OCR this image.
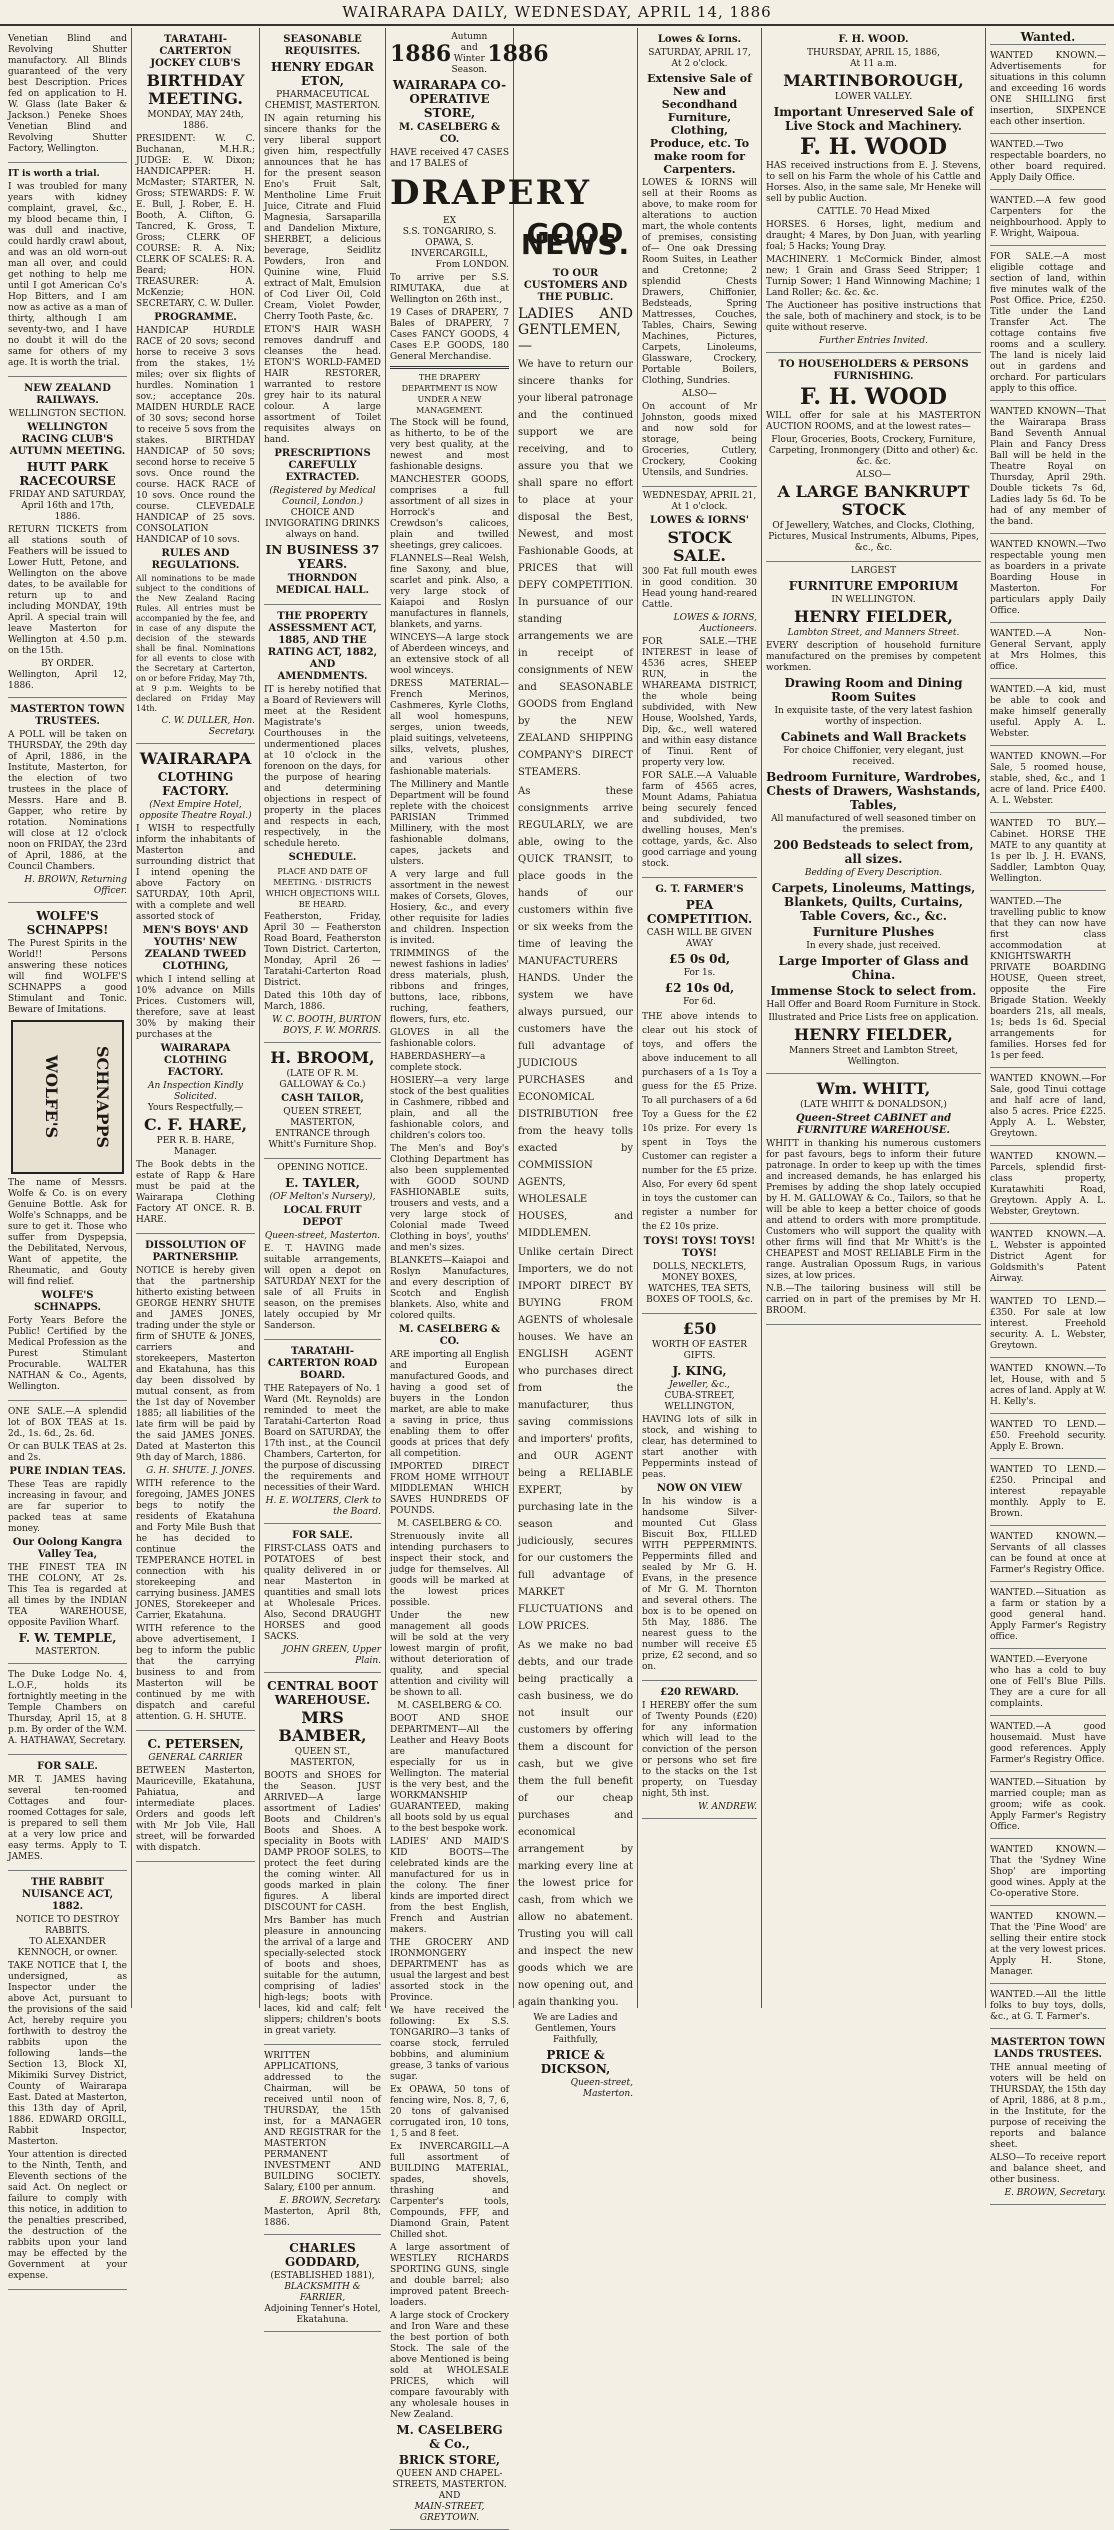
WAIRARAPA DAILY, WEDNESDAY, APRIL 14, 1886

Venetian Blind and Revolving Shutter manufactory. All Blinds guaranteed of the very best Description. Prices fed on application to H. W. Glass (late Baker & Jackson.) Peneke Shoes Venetian Blind and Revolving Shutter Factory, Wellington.

IT is worth a trial.

I was troubled for many years with kidney complaint, gravel, &c., my blood became thin, I was dull and inactive, could hardly crawl about, and was an old worn-out man all over, and could get nothing to help me until I got American Co's Hop Bitters, and I am now as active as a man of thirty, although I am seventy-two, and I have no doubt it will do the same for others of my age. It is worth the trial.

NEW ZEALAND RAILWAYS.
WELLINGTON SECTION.
WELLINGTON RACING CLUB'S AUTUMN MEETING.
HUTT PARK RACECOURSE
FRIDAY AND SATURDAY,
April 16th and 17th, 1886.

RETURN TICKETS from all stations south of Feathers will be issued to Lower Hutt, Petone, and Wellington on the above dates, to be available for return up to and including MONDAY, 19th April. A special train will leave Masterton for Wellington at 4.50 p.m. on the 15th.

BY ORDER.
Wellington, April 12, 1886.
MASTERTON TOWN TRUSTEES.

A POLL will be taken on THURSDAY, the 29th day of April, 1886, in the Institute, Masterton, for the election of two trustees in the place of Messrs. Hare and B. Gapper, who retire by rotation. Nominations will close at 12 o'clock noon on FRIDAY, the 23rd of April, 1886, at the Council Chambers.

H. BROWN, Returning Officer.
WOLFE'S SCHNAPPS!

The Purest Spirits in the World!! Persons answering these notices will find WOLFE'S SCHNAPPS a good Stimulant and Tonic. Beware of Imitations.

WOLFE'S	SCHNAPPS

The name of Messrs. Wolfe & Co. is on every Genuine Bottle. Ask for Wolfe's Schnapps, and be sure to get it. Those who suffer from Dyspepsia, the Debilitated, Nervous, Want of appetite, the Rheumatic, and Gouty will find relief.

WOLFE'S SCHNAPPS.

Forty Years Before the Public! Certified by the Medical Profession as the Purest Stimulant Procurable. WALTER NATHAN & Co., Agents, Wellington.

ONE SALE.—A splendid lot of BOX TEAS at 1s. 2d., 1s. 6d., 2s. 6d.

Or can BULK TEAS at 2s. and 2s.

PURE INDIAN TEAS.

These Teas are rapidly increasing in favour, and are far superior to packed teas at same money.

Our Oolong Kangra Valley Tea,

THE FINEST TEA IN THE COLONY, AT 2s. This Tea is regarded at all times by the INDIAN TEA WAREHOUSE, opposite Pavilion Wharf.

F. W. TEMPLE,
MASTERTON.

The Duke Lodge No. 4, L.O.F., holds its fortnightly meeting in the Temple Chambers on Thursday, April 15, at 8 p.m. By order of the W.M. A. HATHAWAY, Secretary.

FOR SALE.

MR T. JAMES having several ten-roomed Cottages and four-roomed Cottages for sale, is prepared to sell them at a very low price and easy terms. Apply to T. JAMES.

THE RABBIT NUISANCE ACT, 1882.
NOTICE TO DESTROY RABBITS.
TO ALEXANDER KENNOCH, or owner.

TAKE NOTICE that I, the undersigned, as Inspector under the above Act, pursuant to the provisions of the said Act, hereby require you forthwith to destroy the rabbits upon the following lands—the Section 13, Block XI, Mikimiki Survey District, County of Wairarapa East. Dated at Masterton, this 13th day of April, 1886. EDWARD ORGILL, Rabbit Inspector, Masterton.

Your attention is directed to the Ninth, Tenth, and Eleventh sections of the said Act. On neglect or failure to comply with this notice, in addition to the penalties prescribed, the destruction of the rabbits upon your land may be effected by the Government at your expense.

TARATAHI-CARTERTON JOCKEY CLUB'S
BIRTHDAY MEETING.
MONDAY, MAY 24th, 1886.

PRESIDENT: W. C. Buchanan, M.H.R.; JUDGE: E. W. Dixon; HANDICAPPER: H. McMaster; STARTER, N. Gross; STEWARDS: F. W. E. Bull, J. Rober, E. H. Booth, A. Clifton, G. Tancred, K. Gross, T. Gross; CLERK OF COURSE: R. A. Nix; CLERK OF SCALES: R. A. Beard; HON. TREASURER: A. McKenzie; HON. SECRETARY, C. W. Duller.

PROGRAMME.

HANDICAP HURDLE RACE of 20 sovs; second horse to receive 3 sovs from the stakes, 1½ miles; over six flights of hurdles. Nomination 1 sov.; acceptance 20s. MAIDEN HURDLE RACE of 30 sovs; second horse to receive 5 sovs from the stakes. BIRTHDAY HANDICAP of 50 sovs; second horse to receive 5 sovs. Once round the course. HACK RACE of 10 sovs. Once round the course. CLEVEDALE HANDICAP of 25 sovs. CONSOLATION HANDICAP of 10 sovs.

RULES AND REGULATIONS.

All nominations to be made subject to the conditions of the New Zealand Racing Rules. All entries must be accompanied by the fee, and in case of any dispute the decision of the stewards shall be final. Nominations for all events to close with the Secretary at Carterton, on or before Friday, May 7th, at 9 p.m. Weights to be declared on Friday May 14th.

C. W. DULLER, Hon. Secretary.
WAIRARAPA
CLOTHING FACTORY.
(Next Empire Hotel, opposite Theatre Royal.)

I WISH to respectfully inform the inhabitants of Masterton and surrounding district that I intend opening the above Factory on SATURDAY, 10th April, with a complete and well assorted stock of

MEN'S BOYS' AND YOUTHS' NEW ZEALAND TWEED CLOTHING,

which I intend selling at 10% advance on Mills Prices. Customers will, therefore, save at least 30% by making their purchases at the

WAIRARAPA CLOTHING FACTORY.
An Inspection Kindly Solicited.
Yours Respectfully,—
C. F. HARE,
PER R. B. HARE, Manager.

The Book debts in the estate of Rapp & Hare must be paid at the Wairarapa Clothing Factory AT ONCE. R. B. HARE.

DISSOLUTION OF PARTNERSHIP.

NOTICE is hereby given that the partnership hitherto existing between GEORGE HENRY SHUTE and JAMES JONES, trading under the style or firm of SHUTE & JONES, carriers and storekeepers, Masterton and Ekatahuna, has this day been dissolved by mutual consent, as from the 1st day of November 1885; all liabilities of the late firm will be paid by the said JAMES JONES. Dated at Masterton this 9th day of March, 1886.

G. H. SHUTE. J. JONES.

WITH reference to the foregoing, JAMES JONES begs to notify the residents of Ekatahuna and Forty Mile Bush that he has decided to continue the TEMPERANCE HOTEL in connection with his storekeeping and carrying business. JAMES JONES, Storekeeper and Carrier, Ekatahuna.

WITH reference to the above advertisement, I beg to inform the public that the carrying business to and from Masterton will be continued by me with dispatch and careful attention. G. H. SHUTE.

C. PETERSEN,
GENERAL CARRIER

BETWEEN Masterton, Mauriceville, Ekatahuna, Pahiatua, and intermediate places. Orders and goods left with Mr Job Vile, Hall street, will be forwarded with dispatch.

SEASONABLE REQUISITES.
HENRY EDGAR ETON,
PHARMACEUTICAL CHEMIST, MASTERTON.

IN again returning his sincere thanks for the very liberal support given him, respectfully announces that he has for the present season Eno's Fruit Salt, Mentholine Lime Fruit Juice, Citrate and Fluid Magnesia, Sarsaparilla and Dandelion Mixture, SHERBET, a delicious beverage, Seidlitz Powders, Iron and Quinine wine, Fluid extract of Malt, Emulsion of Cod Liver Oil, Cold Cream, Violet Powder, Cherry Tooth Paste, &c.

ETON'S HAIR WASH removes dandruff and cleanses the head. ETON'S WORLD-FAMED HAIR RESTORER, warranted to restore grey hair to its natural colour. A large assortment of Toilet requisites always on hand.

PRESCRIPTIONS CAREFULLY EXTRACTED.
(Registered by Medical Council, London.)
CHOICE AND INVIGORATING DRINKS always on hand.
IN BUSINESS 37 YEARS.
THORNDON MEDICAL HALL.
THE PROPERTY ASSESSMENT ACT, 1885, AND THE RATING ACT, 1882, AND AMENDMENTS.

IT is hereby notified that a Board of Reviewers will meet at the Resident Magistrate's Courthouses in the undermentioned places at 10 o'clock in the forenoon on the days, for the purpose of hearing and determining objections in respect of property in the places and respects in each, respectively, in the schedule hereto.

SCHEDULE.
PLACE AND DATE OF MEETING. · DISTRICTS WHICH OBJECTIONS WILL BE HEARD.

Featherston, Friday, April 30 — Featherston Road Board, Featherston Town District. Carterton, Monday, April 26 — Taratahi-Carterton Road District.

Dated this 10th day of March, 1886.

W. C. BOOTH, BURTON BOYS, F. W. MORRIS.
H. BROOM,
(LATE OF R. M. GALLOWAY & Co.)
CASH TAILOR,

QUEEN STREET, MASTERTON, ENTRANCE through Whitt's Furniture Shop.

OPENING NOTICE.
E. TAYLER,
(OF Melton's Nursery),
LOCAL FRUIT DEPOT
Queen-street, Masterton.

E. T. HAVING made suitable arrangements, will open a depot on SATURDAY NEXT for the sale of all Fruits in season, on the premises lately occupied by Mr Sanderson.

TARATAHI-CARTERTON ROAD BOARD.

THE Ratepayers of No. 1 Ward (Mt. Reynolds) are reminded to meet the Taratahi-Carterton Road Board on SATURDAY, the 17th inst., at the Council Chambers, Carterton, for the purpose of discussing the requirements and necessities of their Ward.

H. E. WOLTERS, Clerk to the Board.
FOR SALE.

FIRST-CLASS OATS and POTATOES of best quality delivered in or near Masterton in quantities and small lots at Wholesale Prices. Also, Second DRAUGHT HORSES and good SACKS.

JOHN GREEN, Upper Plain.
CENTRAL BOOT WAREHOUSE.
MRS BAMBER,
QUEEN ST., MASTERTON,

BOOTS and SHOES for the Season. JUST ARRIVED—A large assortment of Ladies' Boots and Children's Boots and Shoes. A speciality in Boots with DAMP PROOF SOLES, to protect the feet during the coming winter. All goods marked in plain figures. A liberal DISCOUNT for CASH.

Mrs Bamber has much pleasure in announcing the arrival of a large and specially-selected stock of boots and shoes, suitable for the autumn, comprising of ladies' high-legs; boots with laces, kid and calf; felt slippers; children's boots in great variety.

WRITTEN APPLICATIONS, addressed to the Chairman, will be received until noon of THURSDAY, the 15th inst, for a MANAGER AND REGISTRAR for the MASTERTON PERMANENT INVESTMENT AND BUILDING SOCIETY. Salary, £100 per annum.

E. BROWN, Secretary.
Masterton, April 8th, 1886.
CHARLES GODDARD,
(ESTABLISHED 1881),
BLACKSMITH & FARRIER,
Adjoining Tenner's Hotel, Ekatahuna.
1886
Autumn and Winter Season.
1886
WAIRARAPA CO-OPERATIVE STORE,
M. CASELBERG & CO.

HAVE received 47 CASES and 17 BALES of

DRAPERY
EX
S.S. TONGARIRO, S. OPAWA, S. INVERCARGILL,
From LONDON.

To arrive per S.S. RIMUTAKA, due at Wellington on 26th inst.,

19 Cases of DRAPERY, 7 Bales of DRAPERY, 7 Cases FANCY GOODS, 4 Cases E.P. GOODS, 180 General Merchandise.

THE DRAPERY DEPARTMENT IS NOW UNDER A NEW MANAGEMENT.

The Stock will be found, as hitherto, to be of the very best quality, at the newest and most fashionable designs.

MANCHESTER GOODS, comprises a full assortment of all sizes in Horrock's and Crewdson's calicoes, plain and twilled sheetings, grey calicoes.

FLANNELS—Real Welsh, fine Saxony, and blue, scarlet and pink. Also, a very large stock of Kaiapoi and Roslyn manufactures in flannels, blankets, and yarns.

WINCEYS—A large stock of Aberdeen winceys, and an extensive stock of all wool winceys.

DRESS MATERIAL—French Merinos, Cashmeres, Kyrle Cloths, all wool homespuns, serges, union tweeds, plaid suitings, velveteens, silks, velvets, plushes, and various other fashionable materials.

The Millinery and Mantle Department will be found replete with the choicest PARISIAN Trimmed Millinery, with the most fashionable dolmans, capes, jackets and ulsters.

A very large and full assortment in the newest makes of Corsets, Gloves, Hosiery, &c., and every other requisite for ladies and children. Inspection is invited.

TRIMMINGS of the newest fashions in ladies' dress materials, plush, ribbons and fringes, buttons, lace, ribbons, ruching, feathers, flowers, furs, etc.

GLOVES in all the fashionable colors.

HABERDASHERY—a complete stock.

HOSIERY—a very large stock of the best qualities in Cashmere, ribbed and plain, and all the fashionable colors, and children's colors too.

The Men's and Boy's Clothing Department has also been supplemented with GOOD SOUND FASHIONABLE suits, trousers and vests, and a very large stock of Colonial made Tweed Clothing in boys', youths' and men's sizes.

BLANKETS—Kaiapoi and Roslyn Manufactures, and every description of Scotch and English blankets. Also, white and colored quilts.

M. CASELBERG & CO.

ARE importing all English and European manufactured Goods, and having a good set of buyers in the London market, are able to make a saving in price, thus enabling them to offer goods at prices that defy all competition.

IMPORTED DIRECT FROM HOME WITHOUT MIDDLEMAN WHICH SAVES HUNDREDS OF POUNDS.

M. CASELBERG & CO.

Strenuously invite all intending purchasers to inspect their stock, and judge for themselves. All goods will be marked at the lowest prices possible.

Under the new management all goods will be sold at the very lowest margin of profit, without deterioration of quality, and special attention and civility will be shown to all.

M. CASELBERG & CO.

BOOT AND SHOE DEPARTMENT—All the Leather and Heavy Boots are manufactured especially for us in Wellington. The material is the very best, and the WORKMANSHIP GUARANTEED, making all boots sold by us equal to the best bespoke work.

LADIES' AND MAID'S KID BOOTS—The celebrated kinds are the manufactured for us in the colony. The finer kinds are imported direct from the best English, French and Austrian makers.

THE GROCERY AND IRONMONGERY DEPARTMENT has as usual the largest and best assorted stock in the Province.

We have received the following: Ex S.S. TONGARIRO—3 tanks of coarse stock, ferruled bobbins, and aluminium grease, 3 tanks of various sugar.

Ex OPAWA, 50 tons of fencing wire, Nos. 8, 7, 6, 20 tons of galvanised corrugated iron, 10 tons, 1, 5 and 8 feet.

Ex INVERCARGILL—A full assortment of BUILDING MATERIAL, spades, shovels, thrashing and Carpenter's tools, Compounds, FFF, and Diamond Grain, Patent Chilled shot.

A large assortment of WESTLEY RICHARDS SPORTING GUNS, single and double barrel; also improved patent Breech-loaders.

A large stock of Crockery and Iron Ware and these the best portion of both Stock. The sale of the above Mentioned is being sold at WHOLESALE PRICES, which will compare favourably with any wholesale houses in New Zealand.

M. CASELBERG & Co.,
BRICK STORE,
QUEEN AND CHAPEL-STREETS, MASTERTON.
AND
MAIN-STREET, GREYTOWN.
GOOD NEWS.
TO OUR CUSTOMERS AND THE PUBLIC.

LADIES AND GENTLEMEN,—

We have to return our sincere thanks for your liberal patronage and the continued support we are receiving, and to assure you that we shall spare no effort to place at your disposal the Best, Newest, and most Fashionable Goods, at PRICES that will DEFY COMPETITION. In pursuance of our standing arrangements we are in receipt of consignments of NEW and SEASONABLE GOODS from England by the NEW ZEALAND SHIPPING COMPANY'S DIRECT STEAMERS.

As these consignments arrive REGULARLY, we are able, owing to the QUICK TRANSIT, to place goods in the hands of our customers within five or six weeks from the time of leaving the MANUFACTURERS HANDS. Under the system we have always pursued, our customers have the full advantage of JUDICIOUS PURCHASES and ECONOMICAL DISTRIBUTION free from the heavy tolls exacted by COMMISSION AGENTS, WHOLESALE HOUSES, and MIDDLEMEN.

Unlike certain Direct Importers, we do not IMPORT DIRECT BY BUYING FROM AGENTS of wholesale houses. We have an ENGLISH AGENT who purchases direct from the manufacturer, thus saving commissions and importers' profits, and OUR AGENT being a RELIABLE EXPERT, by purchasing late in the season and judiciously, secures for our customers the full advantage of MARKET FLUCTUATIONS and LOW PRICES.

As we make no bad debts, and our trade being practically a cash business, we do not insult our customers by offering them a discount for cash, but we give them the full benefit of our cheap purchases and economical arrangement by marking every line at the lowest price for cash, from which we allow no abatement. Trusting you will call and inspect the new goods which we are now opening out, and again thanking you.

We are Ladies and Gentlemen, Yours Faithfully,

PRICE & DICKSON,
Queen-street, Masterton.
Lowes & Iorns.
SATURDAY, APRIL 17,
At 2 o'clock.
Extensive Sale of New and Secondhand Furniture, Clothing, Produce, etc. To make room for Carpenters.

LOWES & IORNS will sell at their Rooms as above, to make room for alterations to auction mart, the whole contents of premises, consisting of— One oak Dressing Room Suites, in Leather and Cretonne; 2 splendid Chests Drawers, Chiffonier, Bedsteads, Spring Mattresses, Couches, Tables, Chairs, Sewing Machines, Pictures, Carpets, Linoleums, Glassware, Crockery, Portable Boilers, Clothing, Sundries.

ALSO—

On account of Mr Johnston, goods mixed and now sold for storage, being Groceries, Cutlery, Crockery, Cooking Utensils, and Sundries.

WEDNESDAY, APRIL 21,
At 1 o'clock.
LOWES & IORNS'
STOCK SALE.

300 Fat full mouth ewes in good condition. 30 Head young hand-reared Cattle.

LOWES & IORNS, Auctioneers.

FOR SALE.—THE INTEREST in lease of 4536 acres, SHEEP RUN, in the WHAREAMA DISTRICT, the whole being subdivided, with New House, Woolshed, Yards, Dip, &c., well watered and within easy distance of Tinui. Rent of property very low.

FOR SALE.—A Valuable farm of 4565 acres, Mount Adams, Pahiatua being securely fenced and subdivided, two dwelling houses, Men's cottage, yards, &c. Also good carriage and young stock.

G. T. FARMER'S
PEA COMPETITION.
CASH WILL BE GIVEN AWAY
£5 0s 0d,
For 1s.
£2 10s 0d,
For 6d.

THE above intends to clear out his stock of toys, and offers the above inducement to all purchasers of a 1s Toy a guess for the £5 Prize. To all purchasers of a 6d Toy a Guess for the £2 10s prize. For every 1s spent in Toys the Customer can register a number for the £5 prize. Also, For every 6d spent in toys the customer can register a number for the £2 10s prize.

TOYS! TOYS! TOYS! TOYS!

DOLLS, NECKLETS, MONEY BOXES, WATCHES, TEA SETS, BOXES OF TOOLS, &c.

£50
WORTH OF EASTER GIFTS.
J. KING,
Jeweller, &c.,
CUBA-STREET, WELLINGTON,

HAVING lots of silk in stock, and wishing to clear, has determined to start another with Peppermints instead of peas.

NOW ON VIEW

In his window is a handsome Silver-mounted Cut Glass Biscuit Box, FILLED WITH PEPPERMINTS. Peppermints filled and sealed by Mr G. H. Evans, in the presence of Mr G. M. Thornton and several others. The box is to be opened on 5th May, 1886. The nearest guess to the number will receive £5 prize, £2 second, and so on.

£20 REWARD.

I HEREBY offer the sum of Twenty Pounds (£20) for any information which will lead to the conviction of the person or persons who set fire to the stacks on the 1st property, on Tuesday night, 5th inst.

W. ANDREW.
F. H. WOOD.
THURSDAY, APRIL 15, 1886,
At 11 a.m.
MARTINBOROUGH,
LOWER VALLEY.
Important Unreserved Sale of Live Stock and Machinery.
F. H. WOOD

HAS received instructions from E. J. Stevens, to sell on his Farm the whole of his Cattle and Horses. Also, in the same sale, Mr Heneke will sell by public Auction.

CATTLE. 70 Head Mixed

HORSES. 6 Horses, light, medium and draught; 4 Mares, by Don Juan, with yearling foal; 5 Hacks; Young Dray.

MACHINERY. 1 McCormick Binder, almost new; 1 Grain and Grass Seed Stripper; 1 Turnip Sower; 1 Hand Winnowing Machine; 1 Land Roller; &c. &c. &c.

The Auctioneer has positive instructions that the sale, both of machinery and stock, is to be quite without reserve.

Further Entries Invited.
TO HOUSEHOLDERS & PERSONS FURNISHING.
F. H. WOOD

WILL offer for sale at his MASTERTON AUCTION ROOMS, and at the lowest rates—

Flour, Groceries, Boots, Crockery, Furniture, Carpeting, Ironmongery (Ditto and other) &c. &c. &c.

ALSO—
A LARGE BANKRUPT STOCK

Of Jewellery, Watches, and Clocks, Clothing, Pictures, Musical Instruments, Albums, Pipes, &c., &c.

LARGEST
FURNITURE EMPORIUM
IN WELLINGTON.
HENRY FIELDER,
Lambton Street, and Manners Street.

EVERY description of household furniture manufactured on the premises by competent workmen.

Drawing Room and Dining Room Suites

In exquisite taste, of the very latest fashion worthy of inspection.

Cabinets and Wall Brackets

For choice Chiffonier, very elegant, just received.

Bedroom Furniture, Wardrobes, Chests of Drawers, Washstands, Tables,

All manufactured of well seasoned timber on the premises.

200 Bedsteads to select from, all sizes.
Bedding of Every Description.
Carpets, Linoleums, Mattings, Blankets, Quilts, Curtains, Table Covers, &c., &c.
Furniture Plushes

In every shade, just received.

Large Importer of Glass and China.
Immense Stock to select from.

Hall Offer and Board Room Furniture in Stock.

Illustrated and Price Lists free on application.

HENRY FIELDER,
Manners Street and Lambton Street, Wellington.
Wm. WHITT,
(LATE WHITT & DONALDSON,)
Queen-Street CABINET and FURNITURE WAREHOUSE.

WHITT in thanking his numerous customers for past favours, begs to inform their future patronage. In order to keep up with the times and increased demands, he has enlarged his Premises by adding the shop lately occupied by H. M. GALLOWAY & Co., Tailors, so that he will be able to keep a better choice of goods and attend to orders with more promptitude. Customers who will support the quality with other firms will find that Mr Whitt's is the CHEAPEST and MOST RELIABLE Firm in the range. Australian Opossum Rugs, in various sizes, at low prices.

N.B.—The tailoring business will still be carried on in part of the premises by Mr H. BROOM.

Wanted.

WANTED KNOWN.—Advertisements for situations in this column and exceeding 16 words ONE SHILLING first insertion, SIXPENCE each other insertion.

WANTED.—Two respectable boarders, no other board required. Apply Daily Office.

WANTED.—A few good Carpenters for the neighbourhood. Apply to F. Wright, Waipoua.

FOR SALE.—A most eligible cottage and section of land, within five minutes walk of the Post Office. Price, £250. Title under the Land Transfer Act. The cottage contains five rooms and a scullery. The land is nicely laid out in gardens and orchard. For particulars apply to this office.

WANTED KNOWN—That the Wairarapa Brass Band Seventh Annual Plain and Fancy Dress Ball will be held in the Theatre Royal on Thursday, April 29th. Double tickets 7s 6d, Ladies lady 5s 6d. To be had of any member of the band.

WANTED KNOWN.—Two respectable young men as boarders in a private Boarding House in Masterton. For particulars apply Daily Office.

WANTED.—A Non-General Servant, apply at Mrs Holmes, this office.

WANTED.—A kid, must be able to cook and make himself generally useful. Apply A. L. Webster.

WANTED KNOWN.—For Sale, 5 roomed house, stable, shed, &c., and 1 acre of land. Price £400. A. L. Webster.

WANTED TO BUY.—Cabinet. HORSE THE MATE to any quantity at 1s per lb. J. H. EVANS, Saddler, Lambton Quay, Wellington.

WANTED.—The travelling public to know that they can now have first class accommodation at KNIGHTSWARTH PRIVATE BOARDING HOUSE, Queen street, opposite the Fire Brigade Station. Weekly boarders 21s, all meals, 1s; beds 1s 6d. Special arrangements for families. Horses fed for 1s per feed.

WANTED KNOWN.—For Sale, good Tinui cottage and half acre of land, also 5 acres. Price £225. Apply A. L. Webster, Greytown.

WANTED KNOWN.—Parcels, splendid first-class property, Kuratawhiti Road, Greytown. Apply A. L. Webster, Greytown.

WANTED KNOWN.—A. L. Webster is appointed District Agent for Goldsmith's Patent Airway.

WANTED TO LEND.—£350. For sale at low interest. Freehold security. A. L. Webster, Greytown.

WANTED KNOWN.—To let, House, with and 5 acres of land. Apply at W. H. Kelly's.

WANTED TO LEND.—£50. Freehold security. Apply E. Brown.

WANTED TO LEND.—£250. Principal and interest repayable monthly. Apply to E. Brown.

WANTED KNOWN.—Servants of all classes can be found at once at Farmer's Registry Office.

WANTED.—Situation as a farm or station by a good general hand. Apply Farmer's Registry office.

WANTED.—Everyone who has a cold to buy one of Fell's Blue Pills. They are a cure for all complaints.

WANTED.—A good housemaid. Must have good references. Apply Farmer's Registry Office.

WANTED.—Situation by married couple; man as groom; wife as cook. Apply Farmer's Registry Office.

WANTED KNOWN.—That the 'Sydney Wine Shop' are importing good wines. Apply at the Co-operative Store.

WANTED KNOWN.—That the 'Pine Wood' are selling their entire stock at the very lowest prices. Apply H. Stone, Manager.

WANTED.—All the little folks to buy toys, dolls, &c., at G. T. Farmer's.

MASTERTON TOWN LANDS TRUSTEES.

THE annual meeting of voters will be held on THURSDAY, the 15th day of April, 1886, at 8 p.m., in the Institute, for the purpose of receiving the reports and balance sheet.

ALSO—To receive report and balance sheet, and other business.

E. BROWN, Secretary.
